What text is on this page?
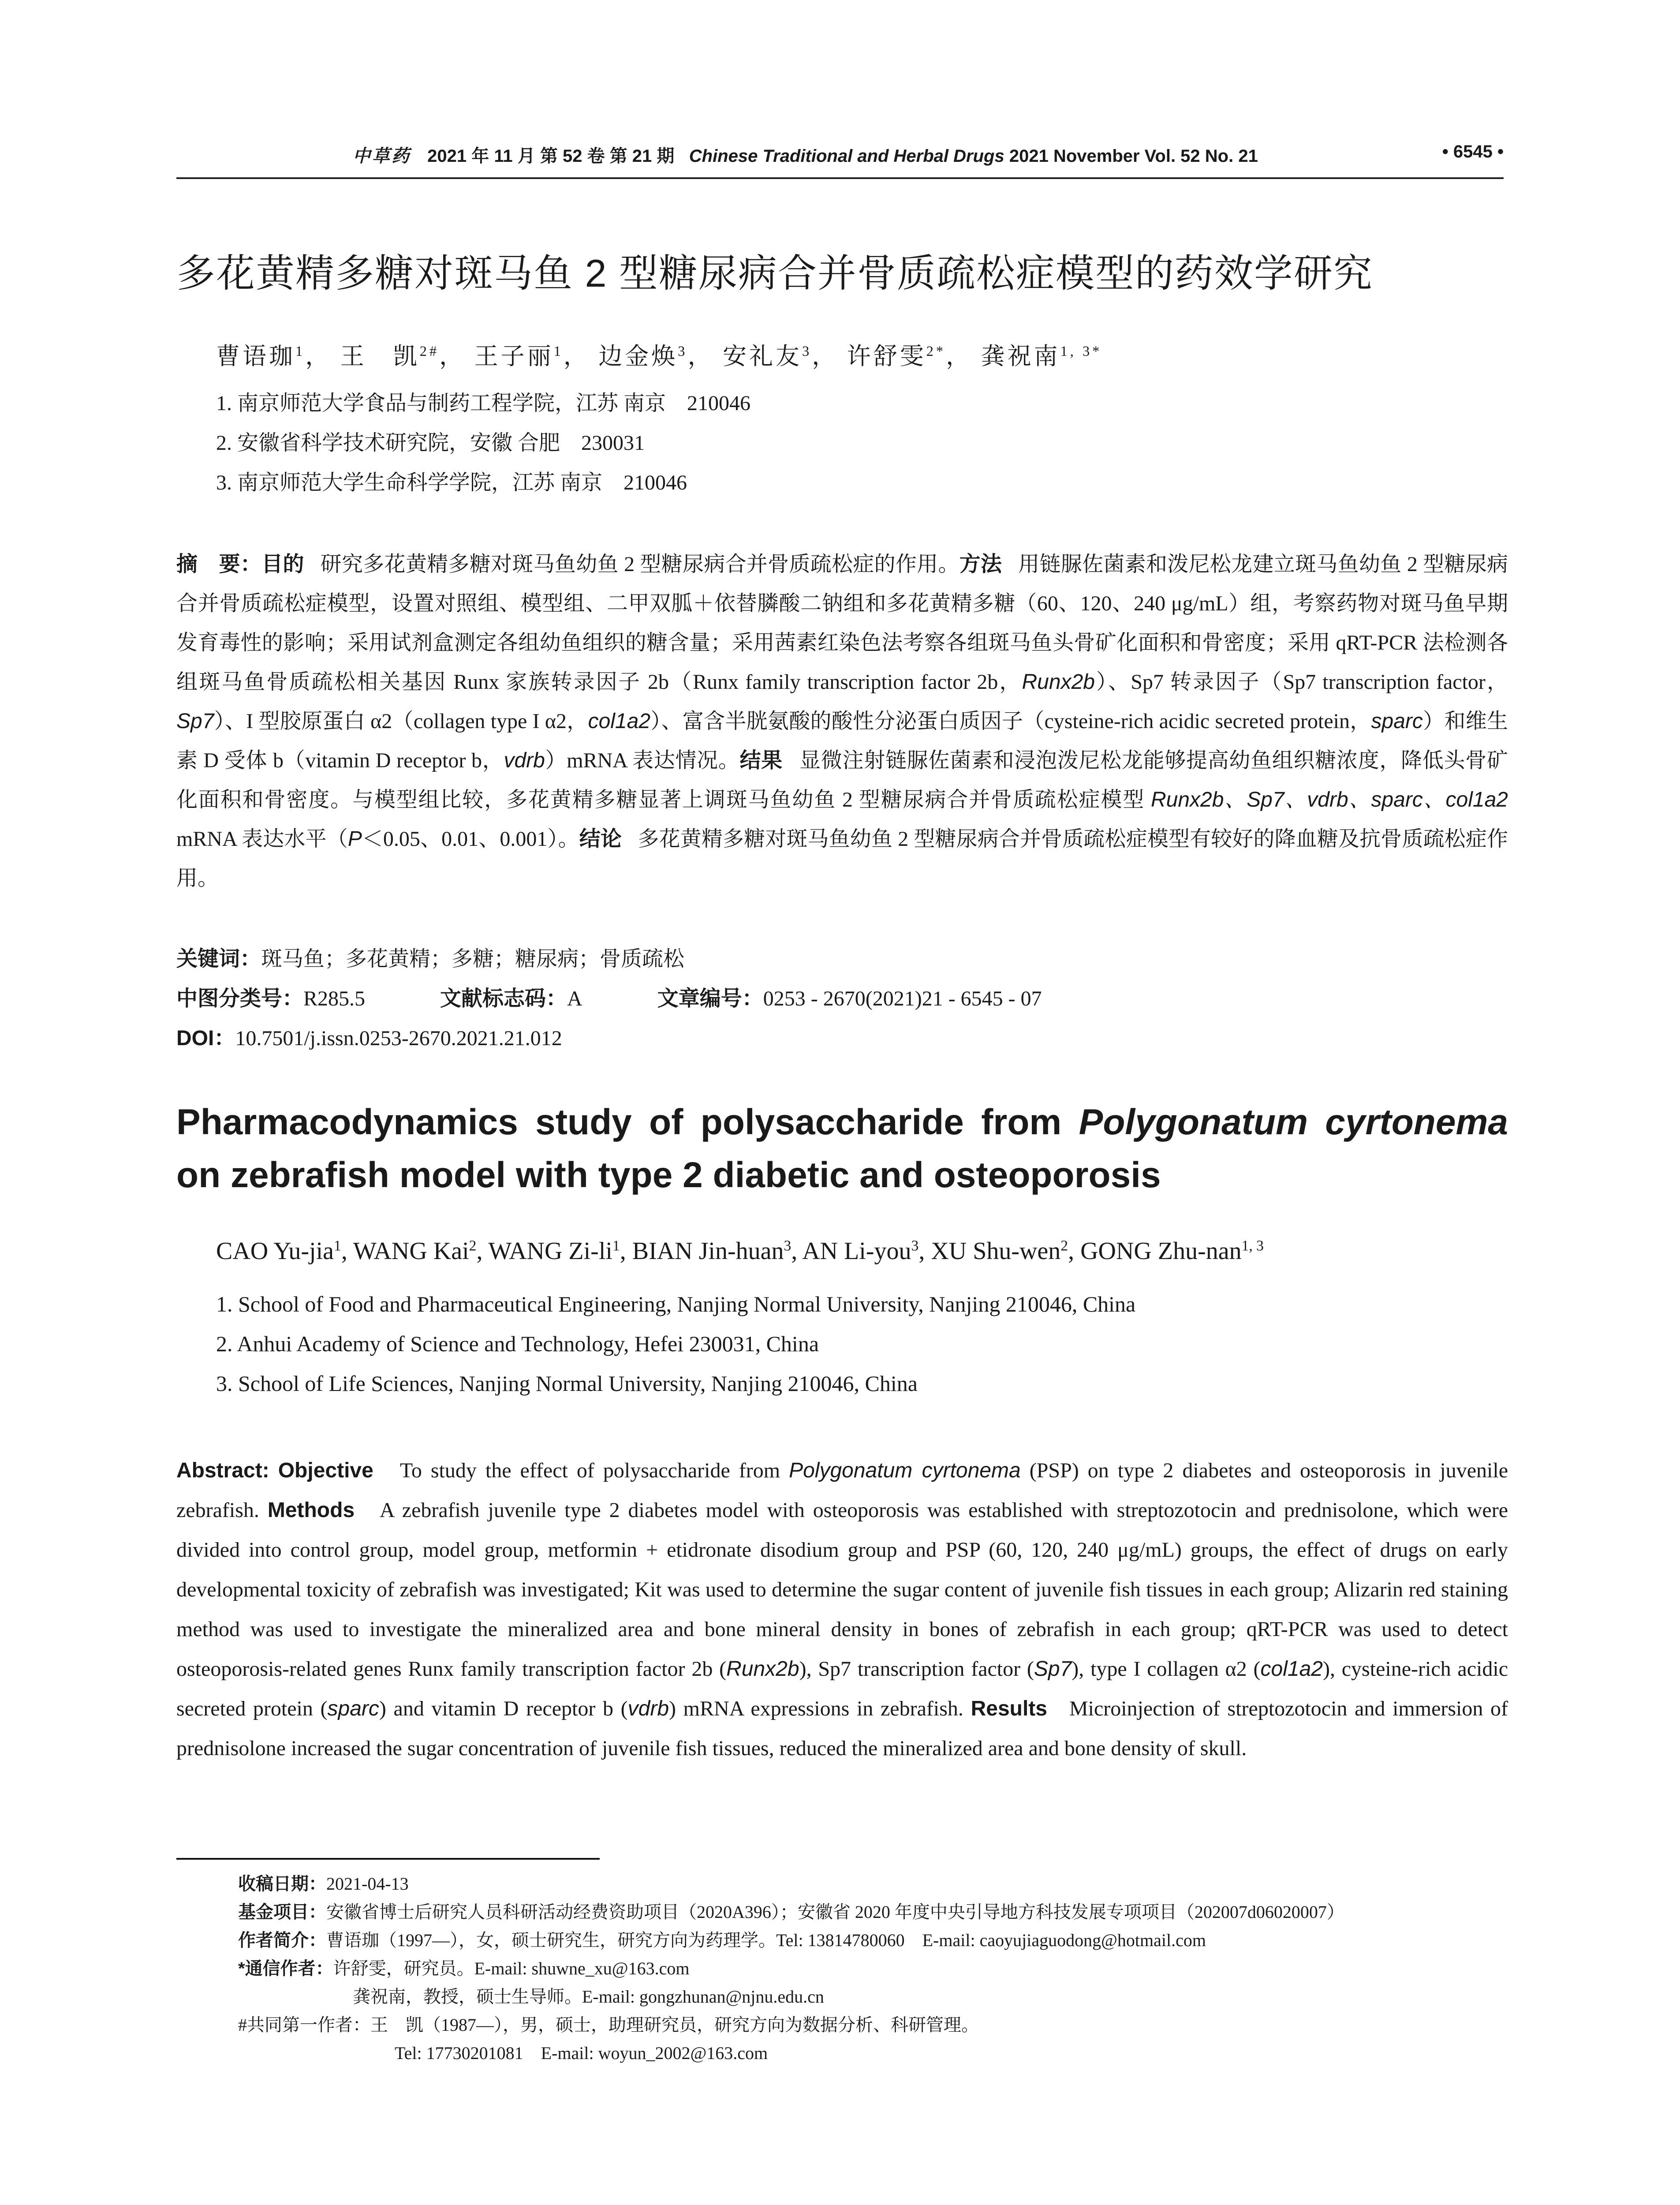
中草药 2021 年 11 月 第 52 卷 第 21 期 Chinese Traditional and Herbal Drugs 2021 November Vol. 52 No. 21	• 6545 •
多花黄精多糖对斑马鱼 2 型糖尿病合并骨质疏松症模型的药效学研究
曹语珈$^1$， 王　凯$^{2\#}$， 王子丽$^1$， 边金焕$^3$， 安礼友$^3$， 许舒雯$^{2*}$， 龚祝南$^{1, 3*}$
1. 南京师范大学食品与制药工程学院，江苏 南京　210046
2. 安徽省科学技术研究院，安徽 合肥　230031
3. 南京师范大学生命科学学院，江苏 南京　210046
摘　要：目的 研究多花黄精多糖对斑马鱼幼鱼 2 型糖尿病合并骨质疏松症的作用。方法 用链脲佐菌素和泼尼松龙建立斑马鱼幼鱼 2 型糖尿病合并骨质疏松症模型，设置对照组、模型组、二甲双胍＋依替膦酸二钠组和多花黄精多糖（60、120、240 μg/mL）组，考察药物对斑马鱼早期发育毒性的影响；采用试剂盒测定各组幼鱼组织的糖含量；采用茜素红染色法考察各组斑马鱼头骨矿化面积和骨密度；采用 qRT-PCR 法检测各组斑马鱼骨质疏松相关基因 Runx 家族转录因子 2b（Runx family transcription factor 2b，Runx2b）、Sp7 转录因子（Sp7 transcription factor，Sp7）、I 型胶原蛋白 α2（collagen type I α2，col1a2）、富含半胱氨酸的酸性分泌蛋白质因子（cysteine-rich acidic secreted protein，sparc）和维生素 D 受体 b（vitamin D receptor b，vdrb）mRNA 表达情况。结果 显微注射链脲佐菌素和浸泡泼尼松龙能够提高幼鱼组织糖浓度，降低头骨矿化面积和骨密度。与模型组比较，多花黄精多糖显著上调斑马鱼幼鱼 2 型糖尿病合并骨质疏松症模型 Runx2b、Sp7、vdrb、sparc、col1a2 mRNA 表达水平（P＜0.05、0.01、0.001）。结论 多花黄精多糖对斑马鱼幼鱼 2 型糖尿病合并骨质疏松症模型有较好的降血糖及抗骨质疏松症作用。
关键词：斑马鱼；多花黄精；多糖；糖尿病；骨质疏松
中图分类号：R285.5	文献标志码：A	文章编号：0253 - 2670(2021)21 - 6545 - 07
DOI：10.7501/j.issn.0253-2670.2021.21.012
Pharmacodynamics study of polysaccharide from Polygonatum cyrtonema on zebrafish model with type 2 diabetic and osteoporosis
CAO Yu-jia$^1$, WANG Kai$^2$, WANG $Zi-li^1$, BIAN Jin-huan$^3$, AN Li-you$^3$, XU Shu-wen$^2$, GONG Zhu-nan$^{1, 3}$
1. School of Food and Pharmaceutical Engineering, Nanjing Normal University, Nanjing 210046, China
2. Anhui Academy of Science and Technology, Hefei 230031, China
3. School of Life Sciences, Nanjing Normal University, Nanjing 210046, China
Abstract: Objective To study the effect of polysaccharide from Polygonatum cyrtonema (PSP) on type 2 diabetes and osteoporosis in juvenile zebrafish. Methods A zebrafish juvenile type 2 diabetes model with osteoporosis was established with streptozotocin and prednisolone, which were divided into control group, model group, metformin + etidronate disodium group and PSP (60, 120, 240 μg/mL) groups, the effect of drugs on early developmental toxicity of zebrafish was investigated; Kit was used to determine the sugar content of juvenile fish tissues in each group; Alizarin red staining method was used to investigate the mineralized area and bone mineral density in bones of zebrafish in each group; qRT-PCR was used to detect osteoporosis-related genes Runx family transcription factor 2b (Runx2b), Sp7 transcription factor (Sp7), type I collagen α2 (col1a2), cysteine-rich acidic secreted protein (sparc) and vitamin D receptor b (vdrb) mRNA expressions in zebrafish. Results Microinjection of streptozotocin and immersion of prednisolone increased the sugar concentration of juvenile fish tissues, reduced the mineralized area and bone density of skull.
收稿日期：2021-04-13
基金项目：安徽省博士后研究人员科研活动经费资助项目（2020A396）；安徽省 2020 年度中央引导地方科技发展专项项目（202007d06020007）
作者简介：曹语珈（1997—），女，硕士研究生，研究方向为药理学。Tel: 13814780060　E-mail: caoyujiaguodong@hotmail.com
*通信作者：许舒雯，研究员。E-mail: shuwne_xu@163.com
龚祝南，教授，硕士生导师。E-mail: gongzhunan@njnu.edu.cn
#共同第一作者：王　凯（1987—），男，硕士，助理研究员，研究方向为数据分析、科研管理。
Tel: 17730201081　E-mail: woyun_2002@163.com
